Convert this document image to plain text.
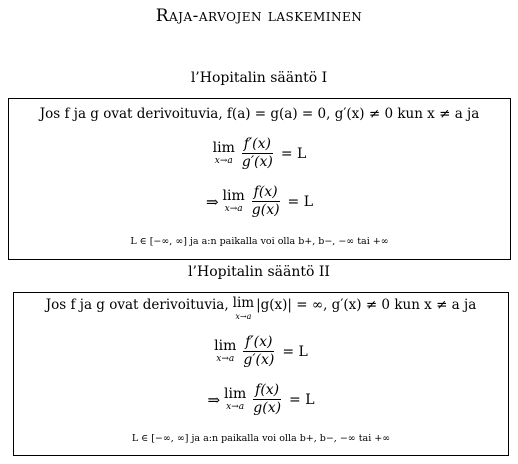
Raja-arvojen laskeminen
l’Hopitalin sääntö I
Jos f ja g ovat derivoituvia, f(a) = g(a) = 0, g′(x) ≠ 0 kun x ≠ a ja
lim
$x\to a \frac{f'(x)}{g'(x)} = L$
⇒ lim
$x\to a \frac{f(x)}{g(x)} = L$
L ∈ [−∞, ∞] ja a:n paikalla voi olla b+, b−, −∞ tai +∞
l’Hopitalin sääntö II
Jos f ja g ovat derivoituvia, lim
x→a
|g(x)| = ∞, g′(x) ≠ 0 kun x ≠ a ja
lim
$x\to a \frac{f'(x)}{g'(x)} = L$
⇒ lim
$x\to a \frac{f(x)}{g(x)} = L$
L ∈ [−∞, ∞] ja a:n paikalla voi olla b+, b−, −∞ tai +∞
